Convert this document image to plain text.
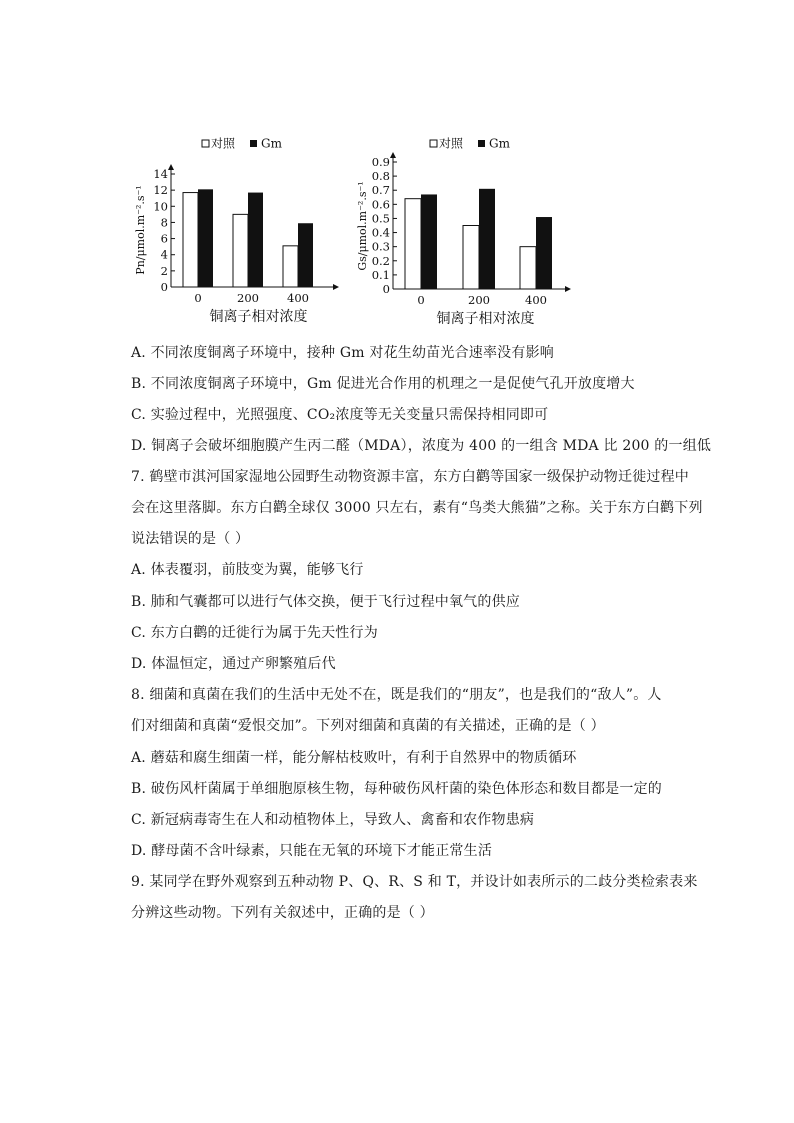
对照 Gm
Pn/μmol.m⁻².s⁻¹
0
2
4
6
8
10
12
14
0	200 400
铜离子相对浓度
对照 Gm
Gs/μmol.m⁻².s⁻¹
0
0.1
0.2
0.3
0.4
0.5
0.6
0.7
0.8
0.9
0	200	400
铜离子相对浓度
A. 不同浓度铜离子环境中，接种 Gm 对花生幼苗光合速率没有影响
B. 不同浓度铜离子环境中，Gm 促进光合作用的机理之一是促使气孔开放度增大
C. 实验过程中，光照强度、CO₂浓度等无关变量只需保持相同即可
D. 铜离子会破坏细胞膜产生丙二醛（MDA），浓度为 400 的一组含 MDA 比 200 的一组低
7. 鹤壁市淇河国家湿地公园野生动物资源丰富，东方白鹳等国家一级保护动物迁徙过程中
会在这里落脚。东方白鹳全球仅 3000 只左右，素有“鸟类大熊猫”之称。关于东方白鹳下列
说法错误的是（ ）
A. 体表覆羽，前肢变为翼，能够飞行
B. 肺和气囊都可以进行气体交换，便于飞行过程中氧气的供应
C. 东方白鹳的迁徙行为属于先天性行为
D. 体温恒定，通过产卵繁殖后代
8. 细菌和真菌在我们的生活中无处不在，既是我们的“朋友”，也是我们的“敌人”。人
们对细菌和真菌“爱恨交加”。下列对细菌和真菌的有关描述，正确的是（ ）
A. 蘑菇和腐生细菌一样，能分解枯枝败叶，有利于自然界中的物质循环
B. 破伤风杆菌属于单细胞原核生物，每种破伤风杆菌的染色体形态和数目都是一定的
C. 新冠病毒寄生在人和动植物体上，导致人、禽畜和农作物患病
D. 酵母菌不含叶绿素，只能在无氧的环境下才能正常生活
9. 某同学在野外观察到五种动物 P、Q、R、S 和 T，并设计如表所示的二歧分类检索表来
分辨这些动物。下列有关叙述中，正确的是（ ）
